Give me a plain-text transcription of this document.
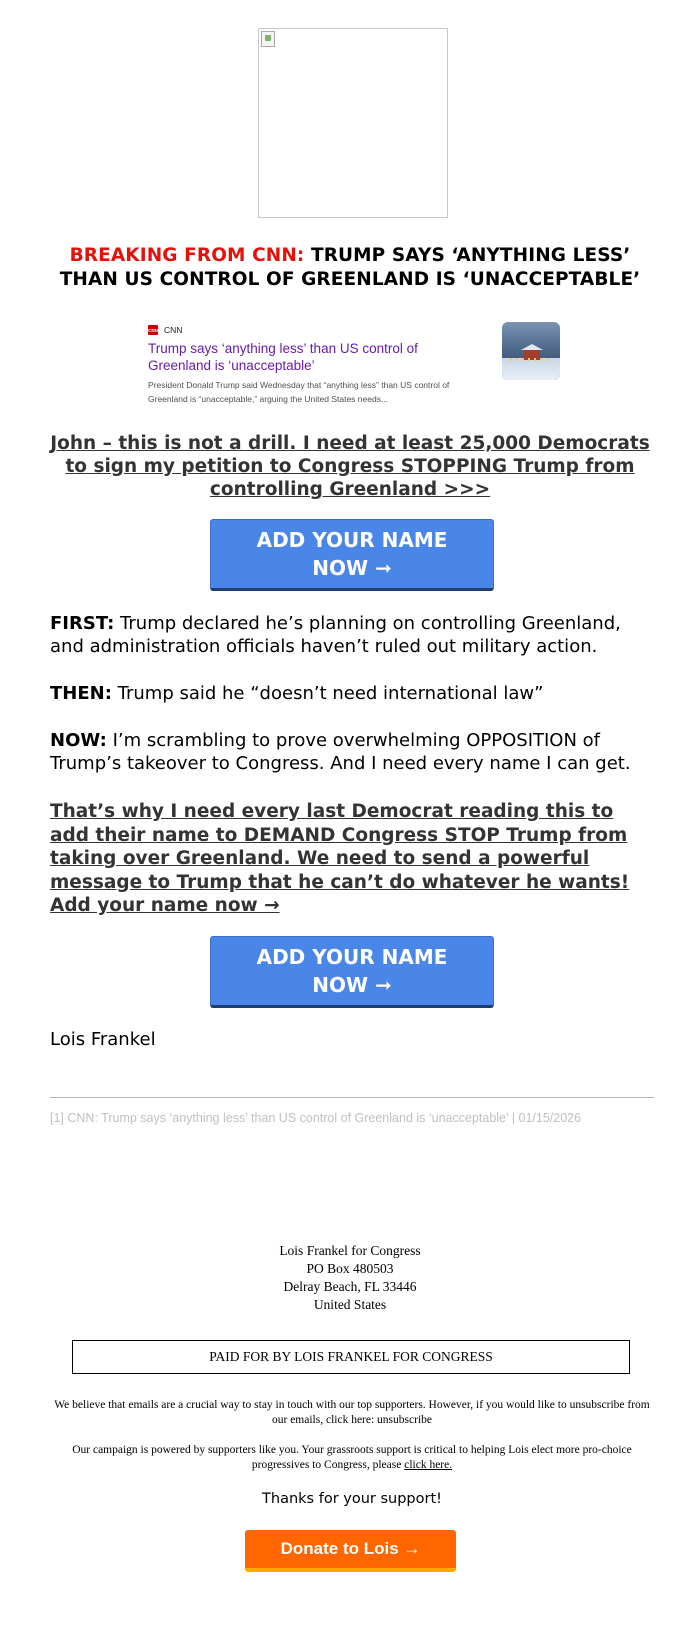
BREAKING FROM CNN: TRUMP SAYS ‘ANYTHING LESS’ THAN US CONTROL OF GREENLAND IS ‘UNACCEPTABLE’
CNN CNN
Trump says ‘anything less’ than US control of Greenland is ‘unacceptable’
President Donald Trump said Wednesday that “anything less” than US control of Greenland is “unacceptable,” arguing the United States needs...
John – this is not a drill. I need at least 25,000 Democrats to sign my petition to Congress STOPPING Trump from controlling Greenland >>>
ADD YOUR NAME
NOW ➞
FIRST: Trump declared he’s planning on controlling Greenland, and administration officials haven’t ruled out military action.
THEN: Trump said he “doesn’t need international law”
NOW: I’m scrambling to prove overwhelming OPPOSITION of Trump’s takeover to Congress. And I need every name I can get.
That’s why I need every last Democrat reading this to add their name to DEMAND Congress STOP Trump from taking over Greenland. We need to send a powerful message to Trump that he can’t do whatever he wants! Add your name now →
ADD YOUR NAME
NOW ➞
Lois Frankel
[1] CNN: Trump says ‘anything less’ than US control of Greenland is ‘unacceptable’ | 01/15/2026
Lois Frankel for Congress
PO Box 480503
Delray Beach, FL 33446
United States
PAID FOR BY LOIS FRANKEL FOR CONGRESS
We believe that emails are a crucial way to stay in touch with our top supporters. However, if you would like to unsubscribe from our emails, click here: unsubscribe
Our campaign is powered by supporters like you. Your grassroots support is critical to helping Lois elect more pro-choice progressives to Congress, please click here.
Thanks for your support!
Donate to Lois →
